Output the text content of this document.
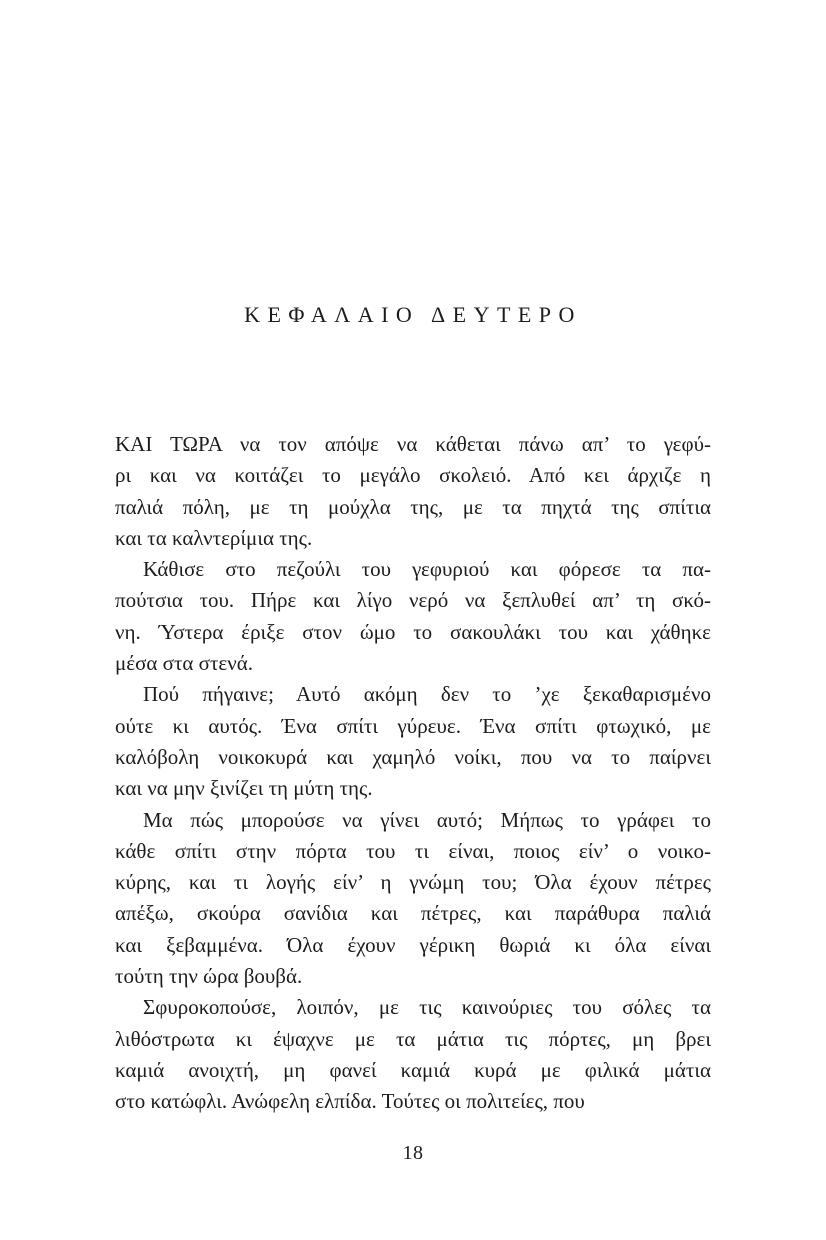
ΚΕΦΑΛΑΙΟ ΔΕΥΤΕΡΟ
ΚΑΙ ΤΩΡΑ να τον απόψε να κάθεται πάνω απ’ το γεφύ-
ρι και να κοιτάζει το μεγάλο σκολειό. Από κει άρχιζε η
παλιά πόλη, με τη μούχλα της, με τα πηχτά της σπίτια
και τα καλντερίμια της.
Κάθισε στο πεζούλι του γεφυριού και φόρεσε τα πα-
πούτσια του. Πήρε και λίγο νερό να ξεπλυθεί απ’ τη σκό-
νη. Ύστερα έριξε στον ώμο το σακουλάκι του και χάθηκε
μέσα στα στενά.
Πού πήγαινε; Αυτό ακόμη δεν το ’χε ξεκαθαρισμένο
ούτε κι αυτός. Ένα σπίτι γύρευε. Ένα σπίτι φτωχικό, με
καλόβολη νοικοκυρά και χαμηλό νοίκι, που να το παίρνει
και να μην ξινίζει τη μύτη της.
Μα πώς μπορούσε να γίνει αυτό; Μήπως το γράφει το
κάθε σπίτι στην πόρτα του τι είναι, ποιος είν’ ο νοικο-
κύρης, και τι λογής είν’ η γνώμη του; Όλα έχουν πέτρες
απέξω, σκούρα σανίδια και πέτρες, και παράθυρα παλιά
και ξεβαμμένα. Όλα έχουν γέρικη θωριά κι όλα είναι
τούτη την ώρα βουβά.
Σφυροκοπούσε, λοιπόν, με τις καινούριες του σόλες τα
λιθόστρωτα κι έψαχνε με τα μάτια τις πόρτες, μη βρει
καμιά ανοιχτή, μη φανεί καμιά κυρά με φιλικά μάτια
στο κατώφλι. Ανώφελη ελπίδα. Τούτες οι πολιτείες, που
18
